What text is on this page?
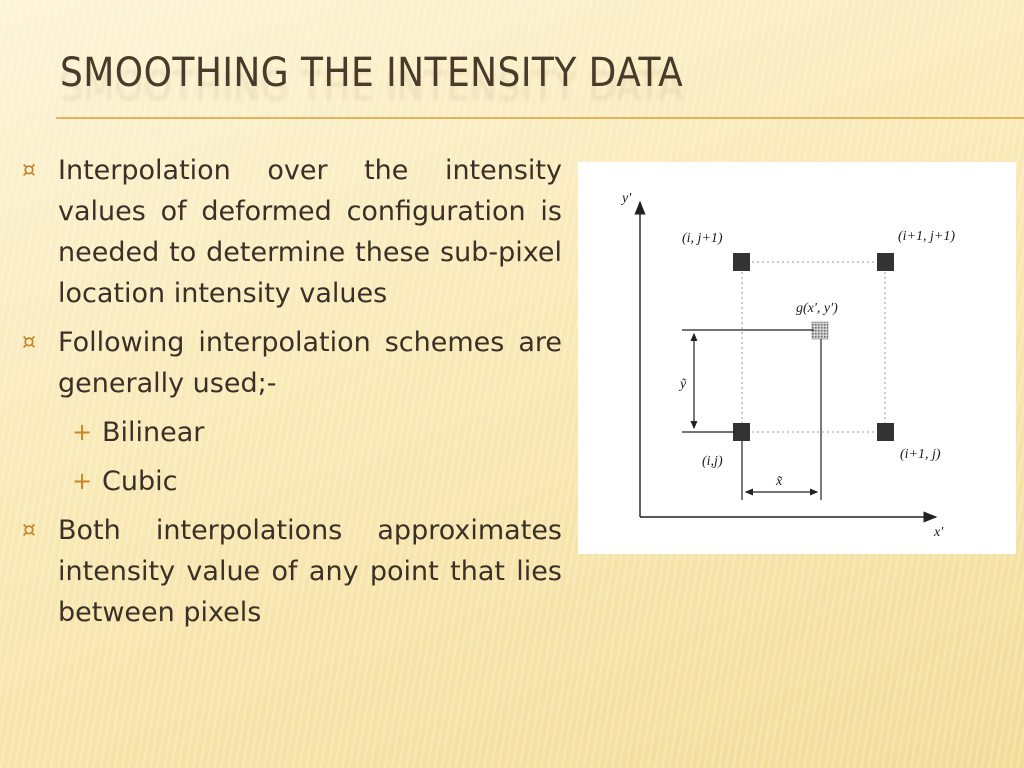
SMOOTHING THE INTENSITY DATA
¤ Interpolation over the intensity values of deformed configuration is needed to determine these sub-pixel location intensity values
¤ Following interpolation schemes are generally used;-
+ Bilinear
+ Cubic
¤ Both interpolations approximates intensity value of any point that lies between pixels
y'
x'
(i, j+1)	(i+1, j+1)
(i,j)	(i+1, j)
g(x', y')
ỹ
x̃
